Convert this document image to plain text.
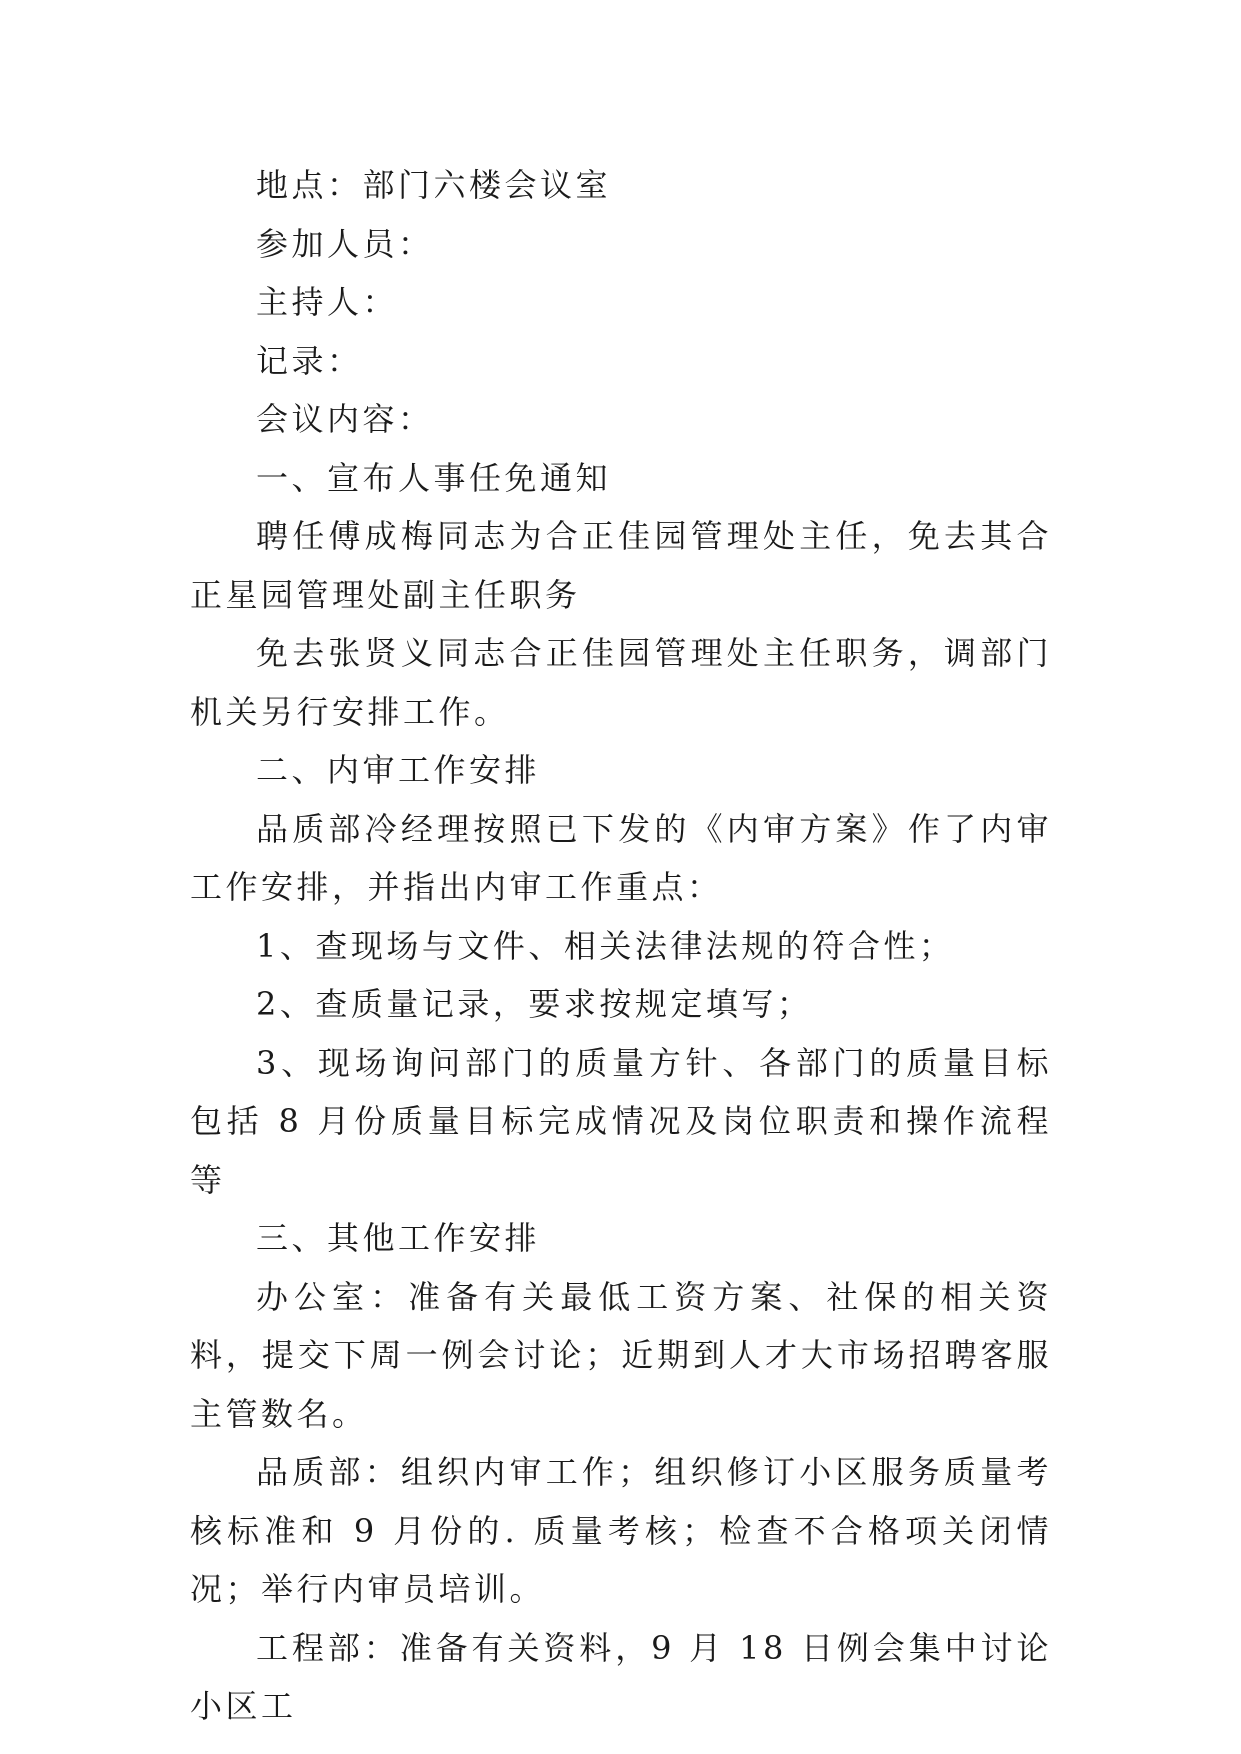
地点：部门六楼会议室

参加人员：

主持人：

记录：

会议内容：

一、宣布人事任免通知

聘任傅成梅同志为合正佳园管理处主任，免去其合正星园管理处副主任职务

免去张贤义同志合正佳园管理处主任职务，调部门机关另行安排工作。

二、内审工作安排

品质部冷经理按照已下发的《内审方案》作了内审工作安排，并指出内审工作重点：

1、查现场与文件、相关法律法规的符合性；

2、查质量记录，要求按规定填写；

3、现场询问部门的质量方针、各部门的质量目标包括 8 月份质量目标完成情况及岗位职责和操作流程等

三、其他工作安排

办公室：准备有关最低工资方案、社保的相关资料，提交下周一例会讨论；近期到人才大市场招聘客服主管数名。

品质部：组织内审工作；组织修订小区服务质量考核标准和 9 月份的. 质量考核；检查不合格项关闭情况；举行内审员培训。

工程部：准备有关资料，9 月 18 日例会集中讨论小区工
